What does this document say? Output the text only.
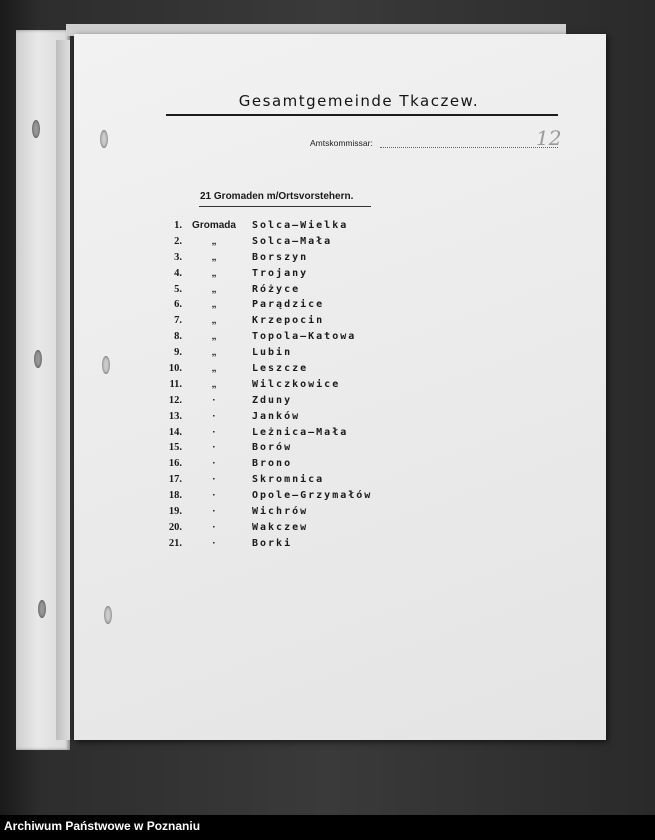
Gesamtgemeinde Tkaczew.
Amtskommissar:	12
21 Gromaden m/Ortsvorstehern.
1. Gromada Solca—Wielka
2.	„	Solca—Mała
3.	„	Borszyn
4.	„	Trojany
5.	„	Różyce
6.	„	Parądzice
7.	„	Krzepocin
8.	„	Topola—Katowa
9.	„	Lubin
10.	„	Leszcze
11.	„	Wilczkowice
12.	·	Zduny
13.	·	Janków
14.	·	Leżnica—Mała
15.	·	Borów
16.	·	Brono
17.	·	Skromnica
18.	·	Opole—Grzymałów
19.	·	Wichrów
20.	·	Wakczew
21.	·	Borki
Archiwum Państwowe w Poznaniu
